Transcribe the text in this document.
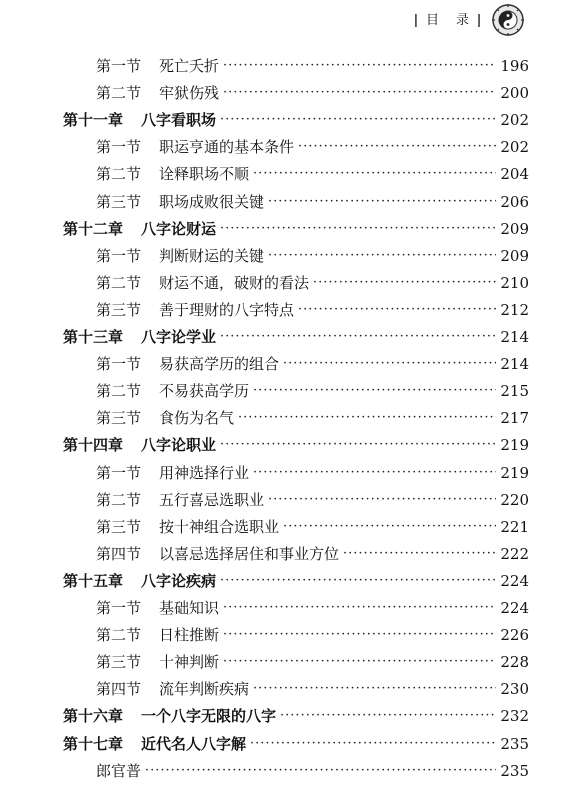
ǀ 目　录 ǀ
第一节 死亡夭折 ·····	196
第二节 牢狱伤残 ·····	200
第十一章 八字看职场 ·····	202
第一节 职运亨通的基本条件 ·····	202
第二节 诠释职场不顺 ·····	204
第三节 职场成败很关键 ·····	206
第十二章 八字论财运 ·····	209
第一节 判断财运的关键 ·····	209
第二节 财运不通，破财的看法 ·····	210
第三节 善于理财的八字特点 ·····	212
第十三章 八字论学业 ·····	214
第一节 易获高学历的组合 ·····	214
第二节 不易获高学历 ·····	215
第三节 食伤为名气 ·····	217
第十四章 八字论职业 ·····	219
第一节 用神选择行业 ·····	219
第二节 五行喜忌选职业 ·····	220
第三节 按十神组合选职业 ·····	221
第四节 以喜忌选择居住和事业方位 ·····	222
第十五章 八字论疾病 ·····	224
第一节 基础知识 ·····	224
第二节 日柱推断 ·····	226
第三节 十神判断 ·····	228
第四节 流年判断疾病 ·····	230
第十六章 一个八字无限的八字 ·····	232
第十七章 近代名人八字解 ·····	235
郎官普 ·····	235
